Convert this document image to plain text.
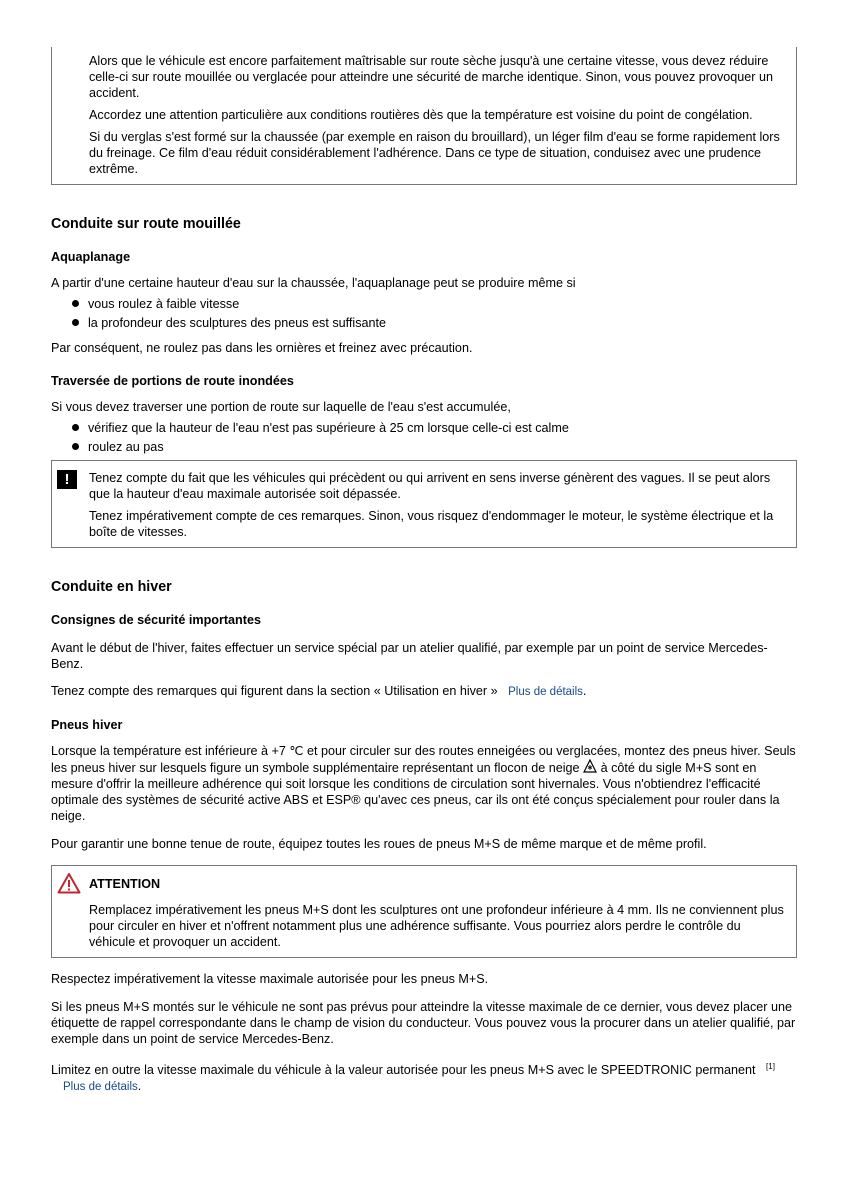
Alors que le véhicule est encore parfaitement maîtrisable sur route sèche jusqu'à une certaine vitesse, vous devez réduire celle-ci sur route mouillée ou verglacée pour atteindre une sécurité de marche identique. Sinon, vous pouvez provoquer un accident.

Accordez une attention particulière aux conditions routières dès que la température est voisine du point de congélation.

Si du verglas s'est formé sur la chaussée (par exemple en raison du brouillard), un léger film d'eau se forme rapidement lors du freinage. Ce film d'eau réduit considérablement l'adhérence. Dans ce type de situation, conduisez avec une prudence extrême.

Conduite sur route mouillée
Aquaplanage

A partir d'une certaine hauteur d'eau sur la chaussée, l'aquaplanage peut se produire même si

vous roulez à faible vitesse
la profondeur des sculptures des pneus est suffisante

Par conséquent, ne roulez pas dans les ornières et freinez avec précaution.

Traversée de portions de route inondées

Si vous devez traverser une portion de route sur laquelle de l'eau s'est accumulée,

vérifiez que la hauteur de l'eau n'est pas supérieure à 25 cm lorsque celle-ci est calme
roulez au pas
!	Tenez compte du fait que les véhicules qui précèdent ou qui arrivent en sens inverse génèrent des vagues. Il se peut alors que la hauteur d'eau maximale autorisée soit dépassée.

Tenez impérativement compte de ces remarques. Sinon, vous risquez d'endommager le moteur, le système électrique et la boîte de vitesses.

Conduite en hiver
Consignes de sécurité importantes

Avant le début de l'hiver, faites effectuer un service spécial par un atelier qualifié, par exemple par un point de service Mercedes-Benz.

Tenez compte des remarques qui figurent dans la section « Utilisation en hiver » Plus de détails.

Pneus hiver

Lorsque la température est inférieure à +7 ℃ et pour circuler sur des routes enneigées ou verglacées, montez des pneus hiver. Seuls les pneus hiver sur lesquels figure un symbole supplémentaire représentant un flocon de neige à côté du sigle M+S sont en mesure d'offrir la meilleure adhérence qui soit lorsque les conditions de circulation sont hivernales. Vous n'obtiendrez l'efficacité optimale des systèmes de sécurité active ABS et ESP® qu'avec ces pneus, car ils ont été conçus spécialement pour rouler dans la neige.

Pour garantir une bonne tenue de route, équipez toutes les roues de pneus M+S de même marque et de même profil.

ATTENTION

Remplacez impérativement les pneus M+S dont les sculptures ont une profondeur inférieure à 4 mm. Ils ne conviennent plus pour circuler en hiver et n'offrent notamment plus une adhérence suffisante. Vous pourriez alors perdre le contrôle du véhicule et provoquer un accident.

Respectez impérativement la vitesse maximale autorisée pour les pneus M+S.

Si les pneus M+S montés sur le véhicule ne sont pas prévus pour atteindre la vitesse maximale de ce dernier, vous devez placer une étiquette de rappel correspondante dans le champ de vision du conducteur. Vous pouvez vous la procurer dans un atelier qualifié, par exemple dans un point de service Mercedes-Benz.

Limitez en outre la vitesse maximale du véhicule à la valeur autorisée pour les pneus M+S avec le SPEEDTRONIC permanent [1]

Plus de détails.
